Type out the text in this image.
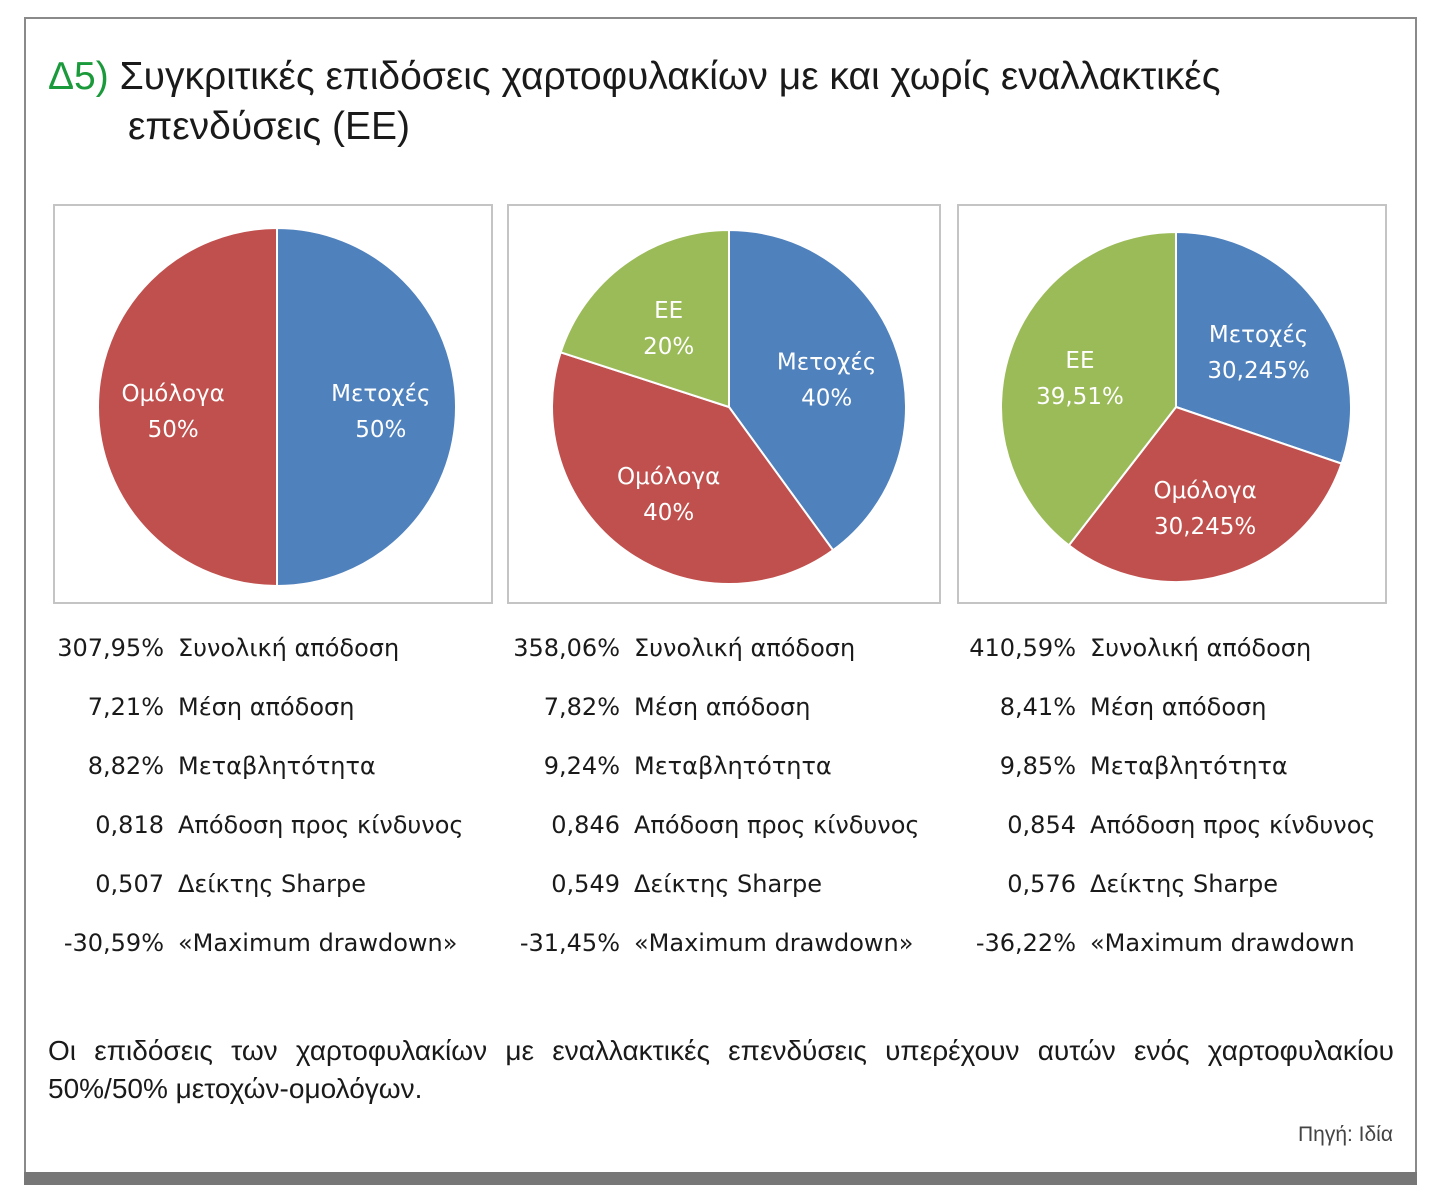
Δ5) Συγκριτικές επιδόσεις χαρτοφυλακίων με και χωρίς εναλλακτικές
επενδύσεις (ΕΕ)
Μετοχές
50%
Ομόλογα
50%
Μετοχές
40%
Ομόλογα
40%
ΕΕ
20%	Μετοχές
30,245%
Ομόλογα
30,245%
ΕΕ
39,51%
307,95% Συνολική απόδοση
7,21% Μέση απόδοση
8,82% Μεταβλητότητα
0,818 Απόδοση προς κίνδυνος
0,507 Δείκτης Sharpe
-30,59% «Maximum drawdown»
358,06% Συνολική απόδοση
7,82% Μέση απόδοση
9,24% Μεταβλητότητα
0,846 Απόδοση προς κίνδυνος
0,549 Δείκτης Sharpe
-31,45% «Maximum drawdown»
410,59% Συνολική απόδοση
8,41% Μέση απόδοση
9,85% Μεταβλητότητα
0,854 Απόδοση προς κίνδυνος
0,576 Δείκτης Sharpe
-36,22% «Maximum drawdown
Οι επιδόσεις των χαρτοφυλακίων με εναλλακτικές επενδύσεις υπερέχουν αυτών ενός χαρτοφυλακίου 50%/50% μετοχών-ομολόγων.
Πηγή: Ιδία
